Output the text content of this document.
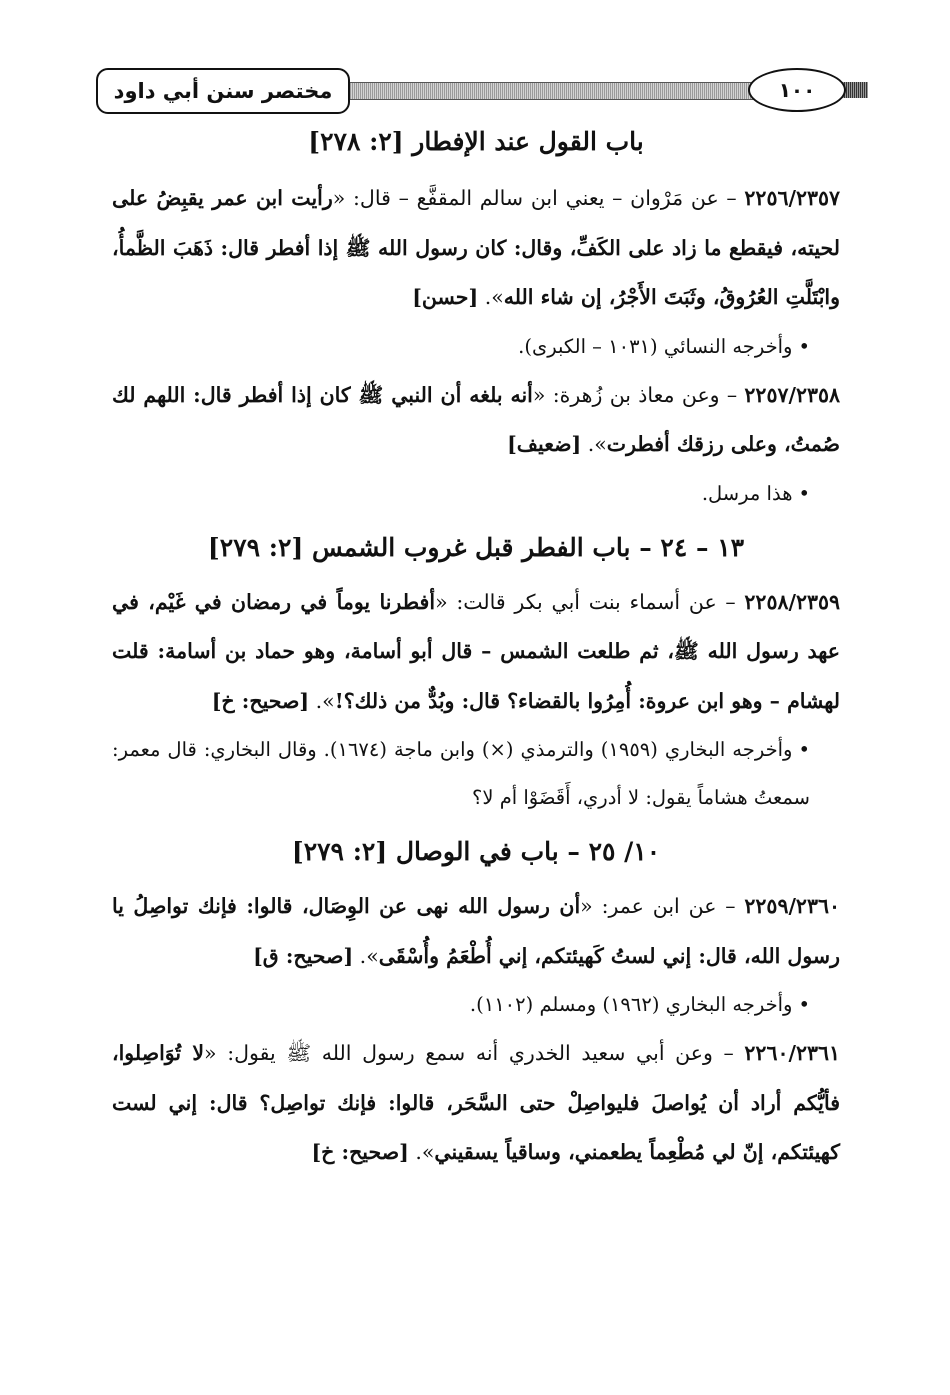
مختصر سنن أبي داود	١٠٠
باب القول عند الإفطار [٢: ٢٧٨]

٢٢٥٦/٢٣٥٧ – عن مَرْوان – يعني ابن سالم المقفَّع – قال: «رأيت ابن عمر يقبِضُ على لحيته، فيقطع ما زاد على الكَفِّ، وقال: كان رسول الله ﷺ إذا أفطر قال: ذَهَبَ الظَّمأُ، وابْتَلَّتِ العُرُوقُ، وثَبَتَ الأَجْرُ، إن شاء الله». [حسن]

•وأخرجه النسائي (١٠٣١ – الكبرى).

٢٢٥٧/٢٣٥٨ – وعن معاذ بن زُهرة: «أنه بلغه أن النبي ﷺ كان إذا أفطر قال: اللهم لك صُمتُ، وعلى رزقك أفطرت». [ضعيف]

•هذا مرسل.

١٣ – ٢٤ – باب الفطر قبل غروب الشمس [٢: ٢٧٩]

٢٢٥٨/٢٣٥٩ – عن أسماء بنت أبي بكر قالت: «أفطرنا يوماً في رمضان في غَيْم، في عهد رسول الله ﷺ، ثم طلعت الشمس – قال أبو أسامة، وهو حماد بن أسامة: قلت لهشام – وهو ابن عروة: أُمِرُوا بالقضاء؟ قال: وبُدٌّ من ذلك؟!». [صحيح: خ]

•وأخرجه البخاري (١٩٥٩) والترمذي (×) وابن ماجة (١٦٧٤). وقال البخاري: قال معمر: سمعتُ هشاماً يقول: لا أدري، أَقَضَوْا أم لا؟

١٠/ ٢٥ – باب في الوصال [٢: ٢٧٩]

٢٢٥٩/٢٣٦٠ – عن ابن عمر: «أن رسول الله نهى عن الوِصَال، قالوا: فإنك تواصِلُ يا رسول الله، قال: إني لستُ كَهيئتكم، إني أُطْعَمُ وأُسْقَى». [صحيح: ق]

•وأخرجه البخاري (١٩٦٢) ومسلم (١١٠٢).

٢٢٦٠/٢٣٦١ – وعن أبي سعيد الخدري أنه سمع رسول الله ﷺ يقول: «لا تُوَاصِلوا، فأيُّكم أراد أن يُواصلَ فليواصِلْ حتى السَّحَر، قالوا: فإنك تواصِل؟ قال: إني لست كهيئتكم، إنّ لي مُطْعِماً يطعمني، وساقياً يسقيني». [صحيح: خ]
